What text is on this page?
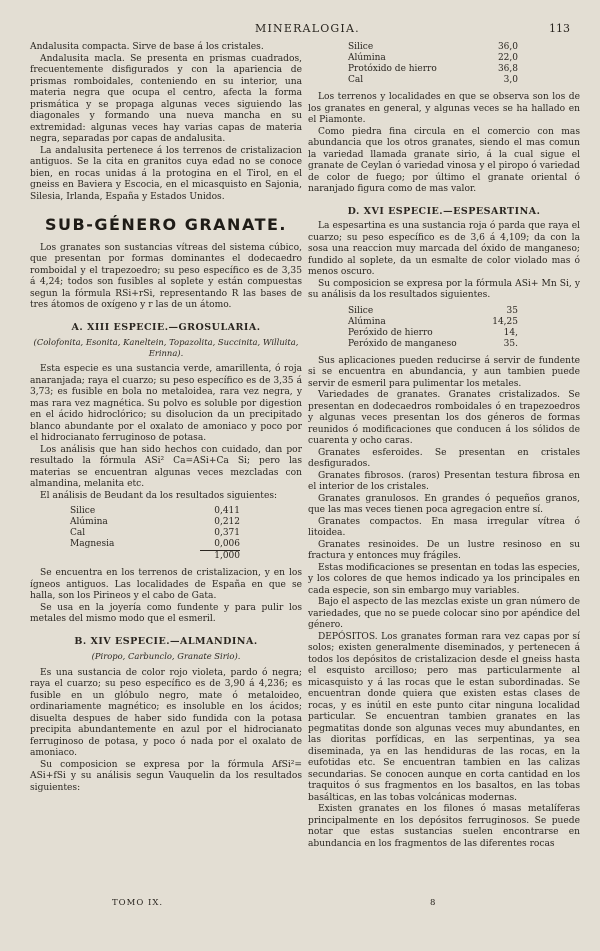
MINERALOGIA.	113

Andalusita compacta. Sirve de base á los cristales.

Andalusita macla. Se presenta en prismas cuadrados, frecuentemente disfigurados y con la apariencia de prismas romboidales, conteniendo en su interior, una materia negra que ocupa el centro, afecta la forma prismática y se propaga algunas veces siguiendo las diagonales y formando una nueva mancha en su extremidad: algunas veces hay varias capas de materia negra, separadas por capas de andalusita.

La andalusita pertenece á los terrenos de cristalizacion antiguos. Se la cita en granitos cuya edad no se conoce bien, en rocas unidas á la protogina en el Tirol, en el gneiss en Baviera y Escocia, en el micasquisto en Sajonia, Silesia, Irlanda, España y Estados Unidos.

SUB-GÉNERO GRANATE.

Los granates son sustancias vítreas del sistema cúbico, que presentan por formas dominantes el dodecaedro romboidal y el trapezoedro; su peso específico es de 3,35 á 4,24; todos son fusibles al soplete y están compuestas segun la fórmula RSi+rSi, representando R las bases de tres átomos de oxígeno y r las de un átomo.

A. XIII ESPECIE.—GROSULARIA.
(Colofonita, Esonita, Kaneltein, Topazolita, Succinita, Willuita, Erinna).

Esta especie es una sustancia verde, amarillenta, ó roja anaranjada; raya el cuarzo; su peso específico es de 3,35 á 3,73; es fusible en bola no metaloidea, rara vez negra, y mas rara vez magnética. Su polvo es soluble por digestion en el ácido hidroclórico; su disolucion da un precipitado blanco abundante por el oxalato de amoniaco y poco por el hidrocianato ferruginoso de potasa.

Los análisis que han sido hechos con cuidado, dan por resultado la fórmula ASi² Ca=ASi+Ca Si; pero las materias se encuentran algunas veces mezcladas con almandina, melanita etc.

El análisis de Beudant da los resultados siguientes:

Silice	0,411
Alúmina	0,212
Cal	0,371
Magnesia	0,006

	1,000

Se encuentra en los terrenos de cristalizacion, y en los ígneos antiguos. Las localidades de España en que se halla, son los Pirineos y el cabo de Gata.

Se usa en la joyería como fundente y para pulir los metales del mismo modo que el esmeril.

B. XIV ESPECIE.—ALMANDINA.
(Piropo, Carbunclo, Granate Sirio).

Es una sustancia de color rojo violeta, pardo ó negra; raya el cuarzo; su peso específico es de 3,90 á 4,236; es fusible en un glóbulo negro, mate ó metaloideo, ordinariamente magnético; es insoluble en los ácidos; disuelta despues de haber sido fundida con la potasa precipita abundantemente en azul por el hidrocianato ferruginoso de potasa, y poco ó nada por el oxalato de amoniaco.

Su composicion se expresa por la fórmula AfSi²= ASi+fSi y su análisis segun Vauquelin da los resultados siguientes:

Silice	36,0
Alúmina	22,0
Protóxido de hierro	36,8
Cal	3,0

Los terrenos y localidades en que se observa son los de los granates en general, y algunas veces se ha hallado en el Piamonte.

Como piedra fina circula en el comercio con mas abundancia que los otros granates, siendo el mas comun la variedad llamada granate sirio, á la cual sigue el granate de Ceylan ó variedad vinosa y el piropo ó variedad de color de fuego; por último el granate oriental ó naranjado figura como de mas valor.

D. XVI ESPECIE.—ESPESARTINA.

La espesartina es una sustancia roja ó parda que raya el cuarzo; su peso específico es de 3,6 á 4,109; da con la sosa una reaccion muy marcada del óxido de manganeso; fundido al soplete, da un esmalte de color violado mas ó menos oscuro.

Su composicion se expresa por la fórmula ASi+ Mn Si, y su análisis da los resultados siguientes.

Silice	35
Alúmina	14,25
Peróxido de hierro	14,
Peróxido de manganeso	35.

Sus aplicaciones pueden reducirse á servir de fundente si se encuentra en abundancia, y aun tambien puede servir de esmeril para pulimentar los metales.

Variedades de granates. Granates cristalizados. Se presentan en dodecaedros romboidales ó en trapezoedros y algunas veces presentan los dos géneros de formas reunidos ó modificaciones que conducen á los sólidos de cuarenta y ocho caras.

Granates esferoides. Se presentan en cristales desfigurados.

Granates fibrosos. (raros) Presentan testura fibrosa en el interior de los cristales.

Granates granulosos. En grandes ó pequeños granos, que las mas veces tienen poca agregacion entre sí.

Granates compactos. En masa irregular vítrea ó litoidea.

Granates resinoides. De un lustre resinoso en su fractura y entonces muy frágiles.

Estas modificaciones se presentan en todas las especies, y los colores de que hemos indicado ya los principales en cada especie, son sin embargo muy variables.

Bajo el aspecto de las mezclas existe un gran número de variedades, que no se puede colocar sino por apéndice del género.

DEPÓSITOS. Los granates forman rara vez capas por sí solos; existen generalmente diseminados, y pertenecen á todos los depósitos de cristalizacion desde el gneiss hasta el esquisto arcilloso; pero mas particularmente al micasquisto y á las rocas que le estan subordinadas. Se encuentran donde quiera que existen estas clases de rocas, y es inútil en este punto citar ninguna localidad particular. Se encuentran tambien granates en las pegmatitas donde son algunas veces muy abundantes, en las dioritas porfídicas, en las serpentinas, ya sea diseminada, ya en las hendiduras de las rocas, en la eufotidas etc. Se encuentran tambien en las calizas secundarias. Se conocen aunque en corta cantidad en los traquitos ó sus fragmentos en los basaltos, en las tobas basálticas, en las tobas volcánicas modernas.

Existen granates en los filones ó masas metalíferas principalmente en los depósitos ferruginosos. Se puede notar que estas sustancias suelen encontrarse en abundancia en los fragmentos de las diferentes rocas

TOMO IX.	8
